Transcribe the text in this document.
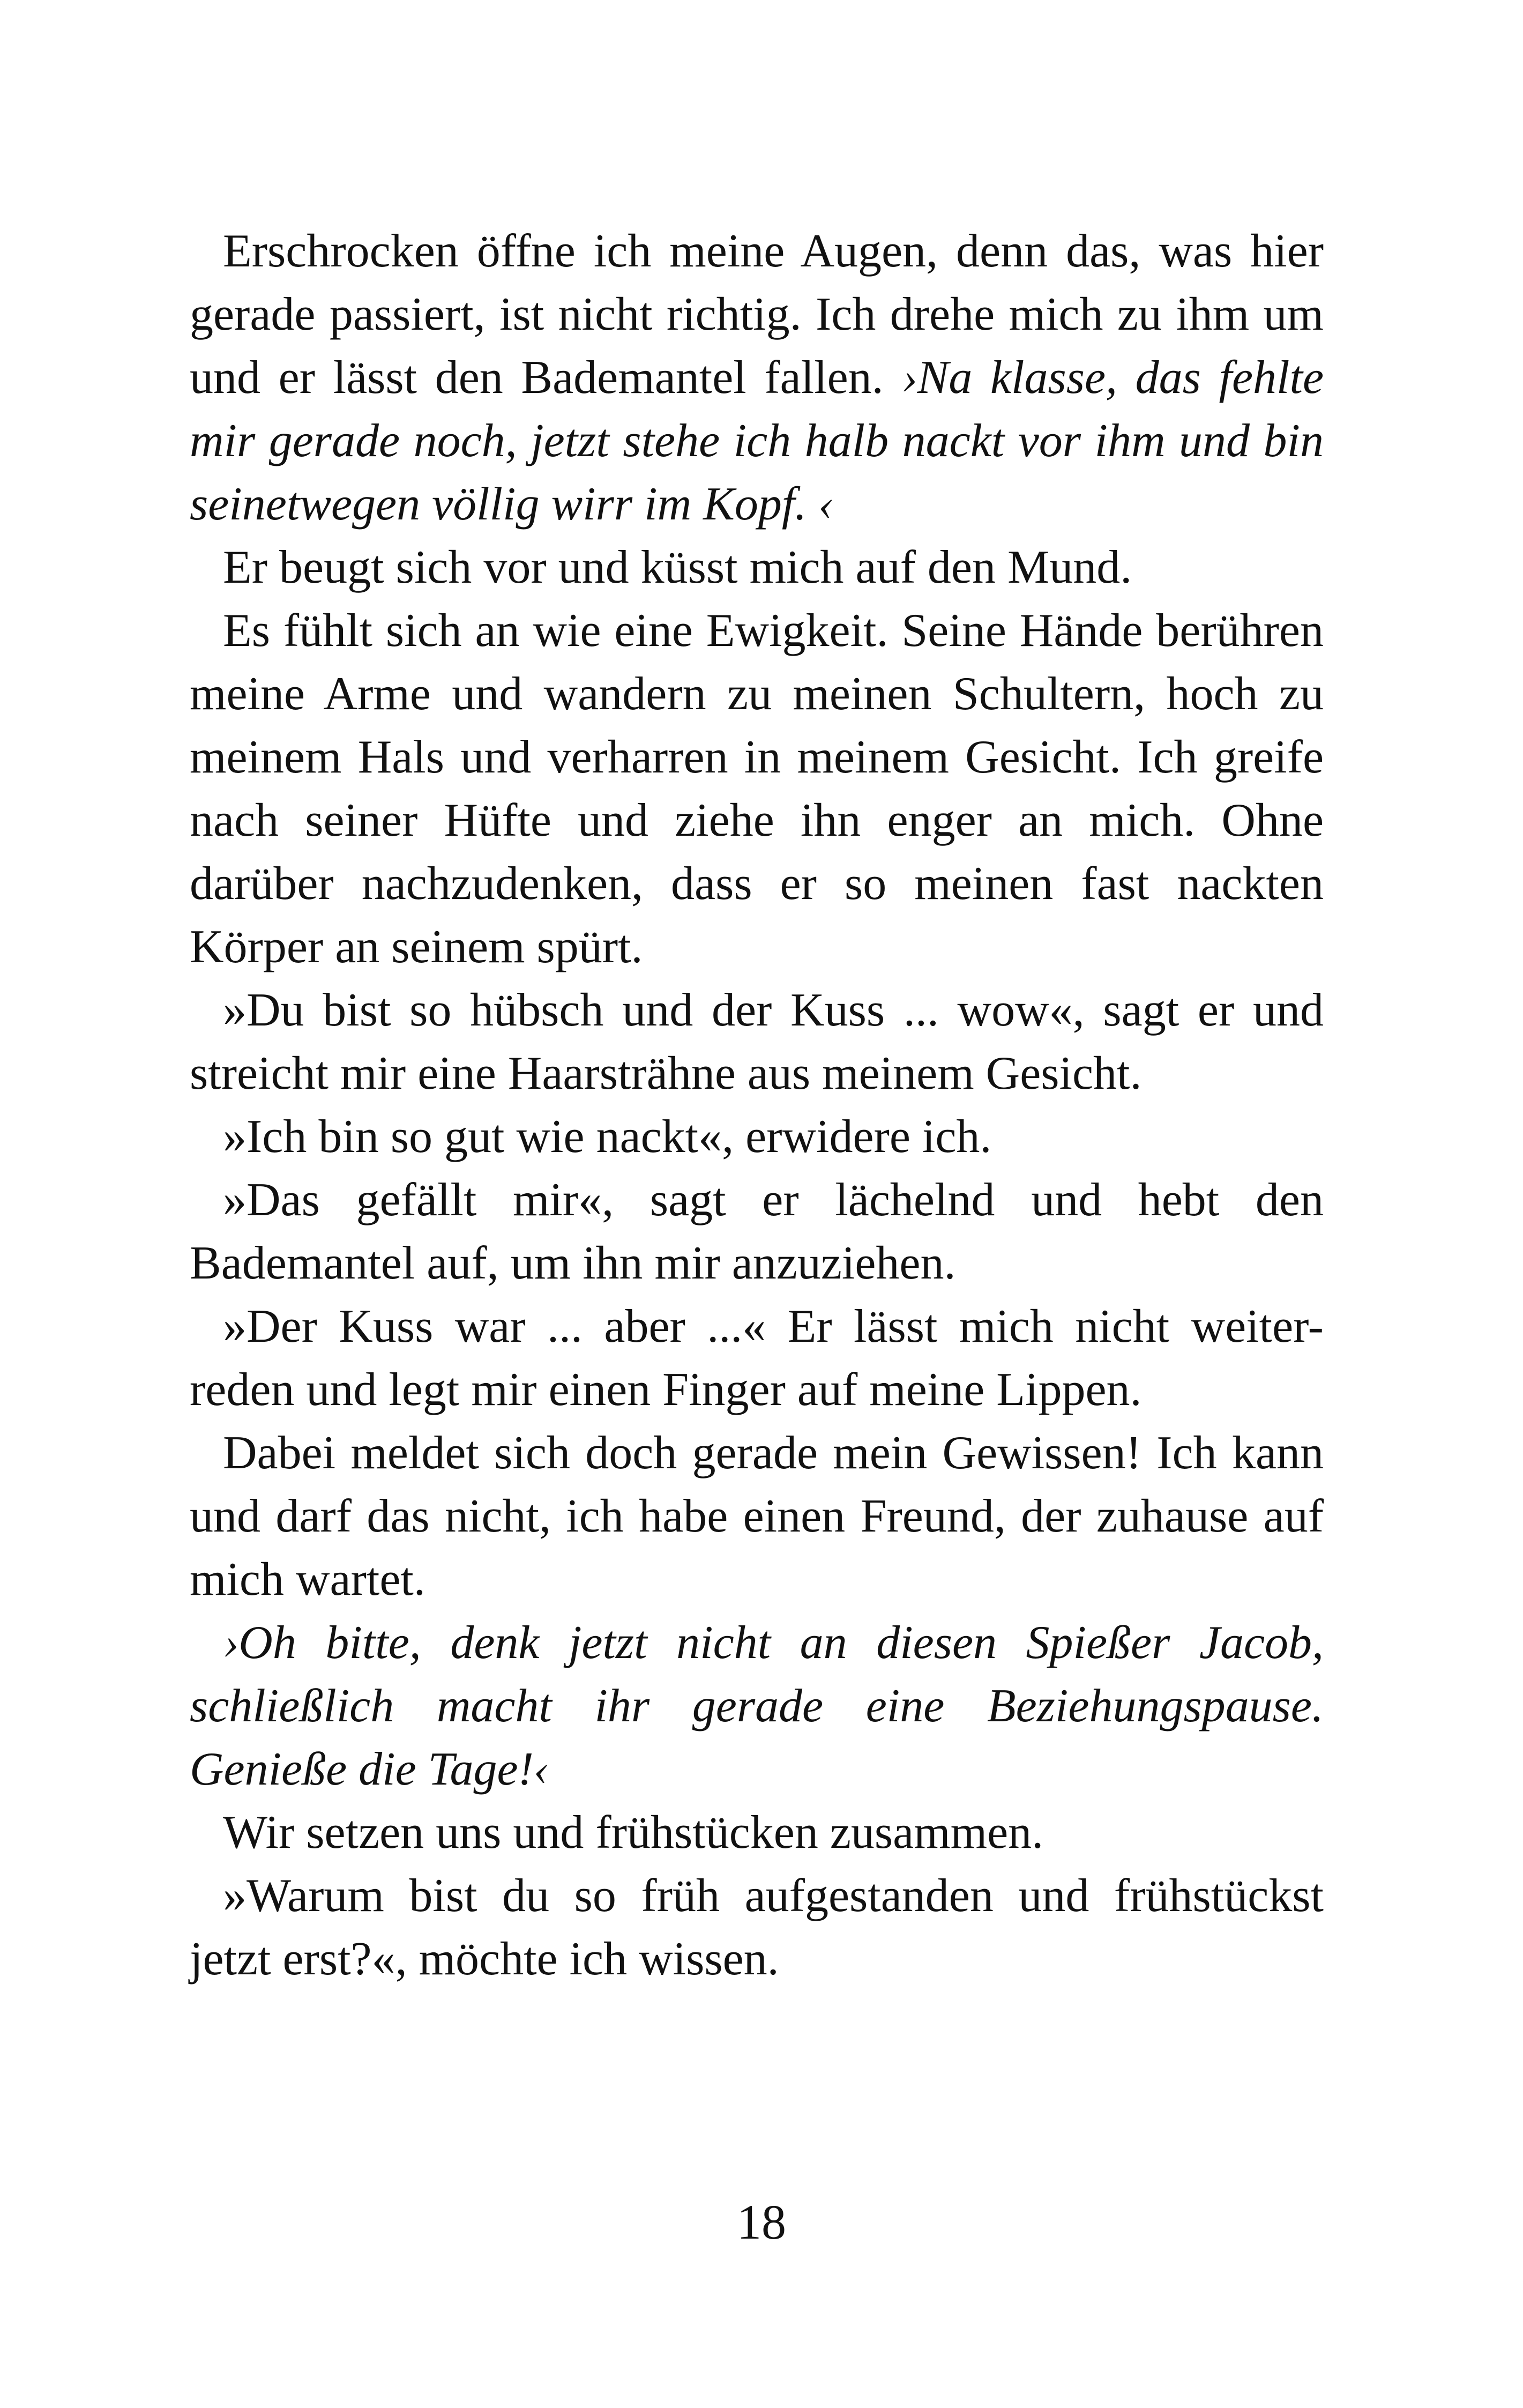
Erschrocken öffne ich meine Augen, denn das, was hier gerade passiert, ist nicht richtig. Ich drehe mich zu ihm um und er lässt den Bademantel fallen. ›Na klasse, das fehlte mir gerade noch, jetzt stehe ich halb nackt vor ihm und bin seinetwegen völlig wirr im Kopf. ‹

Er beugt sich vor und küsst mich auf den Mund.

Es fühlt sich an wie eine Ewigkeit. Seine Hände berühren meine Arme und wandern zu meinen Schultern, hoch zu meinem Hals und verharren in meinem Gesicht. Ich greife nach seiner Hüfte und ziehe ihn enger an mich. Ohne darüber nachzudenken, dass er so meinen fast nackten Körper an seinem spürt.

»Du bist so hübsch und der Kuss ... wow«, sagt er und streicht mir eine Haarsträhne aus meinem Gesicht.

»Ich bin so gut wie nackt«, erwidere ich.

»Das gefällt mir«, sagt er lächelnd und hebt den Bademantel auf, um ihn mir anzuziehen.

»Der Kuss war ... aber ...« Er lässt mich nicht weiter-reden und legt mir einen Finger auf meine Lippen.

Dabei meldet sich doch gerade mein Gewissen! Ich kann und darf das nicht, ich habe einen Freund, der zuhause auf mich wartet.

›Oh bitte, denk jetzt nicht an diesen Spießer Jacob, schließlich macht ihr gerade eine Beziehungspause. Genieße die Tage!‹

Wir setzen uns und frühstücken zusammen.

»Warum bist du so früh aufgestanden und frühstückst jetzt erst?«, möchte ich wissen.

18
